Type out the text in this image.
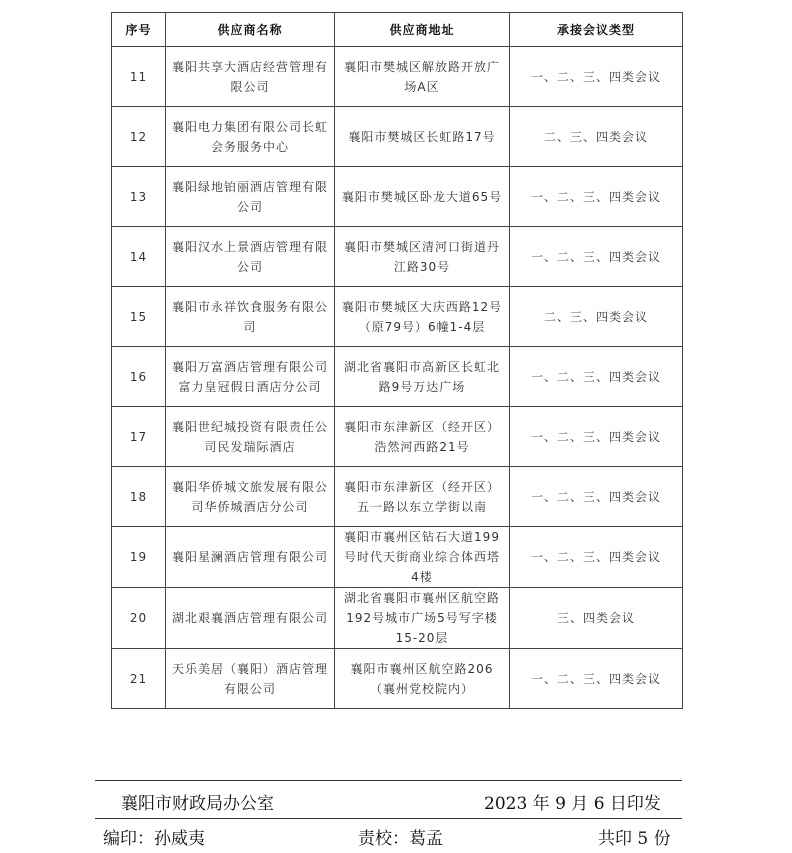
序号	供应商名称	供应商地址	承接会议类型
11	襄阳共享大酒店经营管理有限公司	襄阳市樊城区解放路开放广场A区	一、二、三、四类会议
12	襄阳电力集团有限公司长虹会务服务中心	襄阳市樊城区长虹路17号	二、三、四类会议
13	襄阳绿地铂丽酒店管理有限公司	襄阳市樊城区卧龙大道65号	一、二、三、四类会议
14	襄阳汉水上景酒店管理有限公司	襄阳市樊城区清河口街道丹江路30号	一、二、三、四类会议
15	襄阳市永祥饮食服务有限公司	襄阳市樊城区大庆西路12号（原79号）6幢1-4层	二、三、四类会议
16	襄阳万富酒店管理有限公司富力皇冠假日酒店分公司	湖北省襄阳市高新区长虹北路9号万达广场	一、二、三、四类会议
17	襄阳世纪城投资有限责任公司民发瑞际酒店	襄阳市东津新区（经开区）浩然河西路21号	一、二、三、四类会议
18	襄阳华侨城文旅发展有限公司华侨城酒店分公司	襄阳市东津新区（经开区）五一路以东立学街以南	一、二、三、四类会议
19	襄阳星澜酒店管理有限公司	襄阳市襄州区钻石大道199号时代天街商业综合体西塔4楼	一、二、三、四类会议
20	湖北艰襄酒店管理有限公司	湖北省襄阳市襄州区航空路192号城市广场5号写字楼15-20层	三、四类会议
21	天乐美居（襄阳）酒店管理有限公司	襄阳市襄州区航空路206（襄州党校院内）	一、二、三、四类会议
襄阳市财政局办公室	2023 年 9 月 6 日印发
编印：孙威夷	责校：葛孟	共印 5 份
